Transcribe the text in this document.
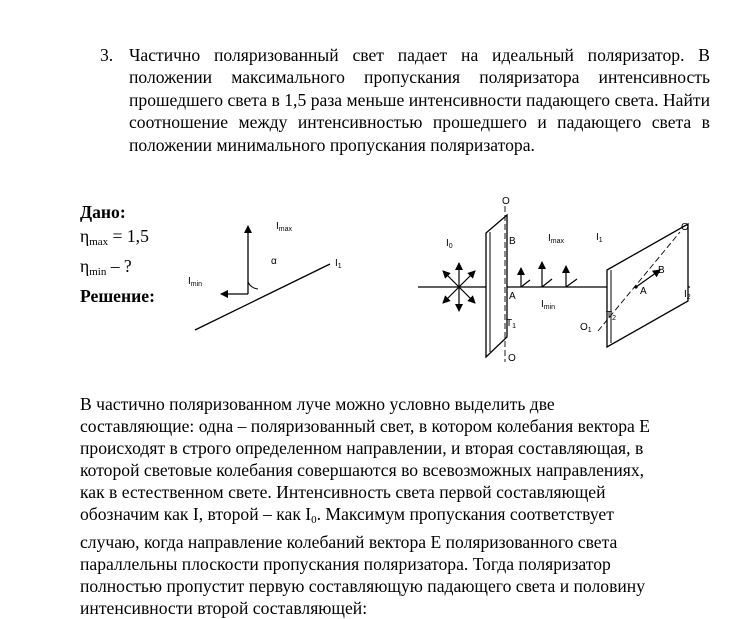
3. Частично поляризованный свет падает на идеальный поляризатор. В положении максимального пропускания поляризатора интенсивность прошедшего света в 1,5 раза меньше интенсивности падающего света. Найти соотношение между интенсивностью прошедшего и падающего света в положении минимального пропускания поляризатора.
Дано:
$\eta_{max} = 1,5$
$\eta_{min}$ – ?
Решение:
$I_{max}$
$I_{min}$
$I_1$
α
O
O
O
$O_1$
$I_0$
$I_{max}$	$I_1$
$I_{min}$
$I_2$
B
A
$T_1$
B
A
$T_2$
В частично поляризованном луче можно условно выделить две
составляющие: одна – поляризованный свет, в котором колебания вектора E
происходят в строго определенном направлении, и вторая составляющая, в
которой световые колебания совершаются во всевозможных направлениях,
как в естественном свете. Интенсивность света первой составляющей
обозначим как I, второй – как $I_0$. Максимум пропускания соответствует
случаю, когда направление колебаний вектора E поляризованного света
параллельны плоскости пропускания поляризатора. Тогда поляризатор
полностью пропустит первую составляющую падающего света и половину
интенсивности второй составляющей:
